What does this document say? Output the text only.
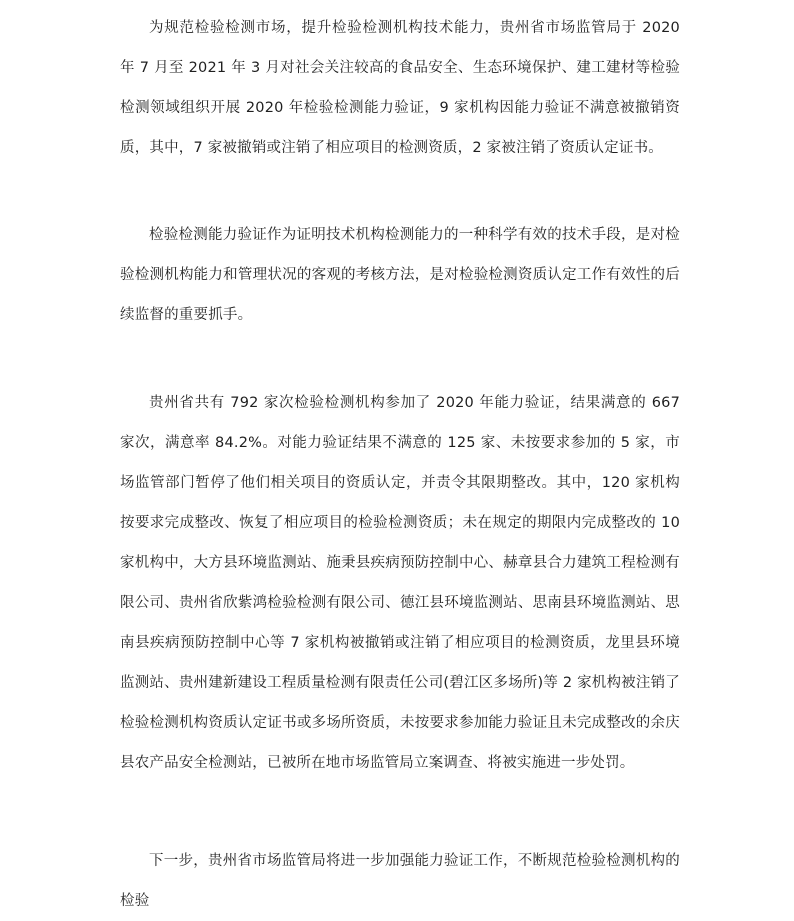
为规范检验检测市场，提升检验检测机构技术能力，贵州省市场监管局于 2020 年 7 月至 2021 年 3 月对社会关注较高的食品安全、生态环境保护、建工建材等检验检测领域组织开展 2020 年检验检测能力验证，9 家机构因能力验证不满意被撤销资质，其中，7 家被撤销或注销了相应项目的检测资质，2 家被注销了资质认定证书。

检验检测能力验证作为证明技术机构检测能力的一种科学有效的技术手段，是对检验检测机构能力和管理状况的客观的考核方法，是对检验检测资质认定工作有效性的后续监督的重要抓手。

贵州省共有 792 家次检验检测机构参加了 2020 年能力验证，结果满意的 667 家次，满意率 84.2%。对能力验证结果不满意的 125 家、未按要求参加的 5 家，市场监管部门暂停了他们相关项目的资质认定，并责令其限期整改。其中，120 家机构按要求完成整改、恢复了相应项目的检验检测资质；未在规定的期限内完成整改的 10 家机构中，大方县环境监测站、施秉县疾病预防控制中心、赫章县合力建筑工程检测有限公司、贵州省欣紫鸿检验检测有限公司、德江县环境监测站、思南县环境监测站、思南县疾病预防控制中心等 7 家机构被撤销或注销了相应项目的检测资质，龙里县环境监测站、贵州建新建设工程质量检测有限责任公司(碧江区多场所)等 2 家机构被注销了检验检测机构资质认定证书或多场所资质，未按要求参加能力验证且未完成整改的余庆县农产品安全检测站，已被所在地市场监管局立案调查、将被实施进一步处罚。

下一步，贵州省市场监管局将进一步加强能力验证工作，不断规范检验检测机构的检验
